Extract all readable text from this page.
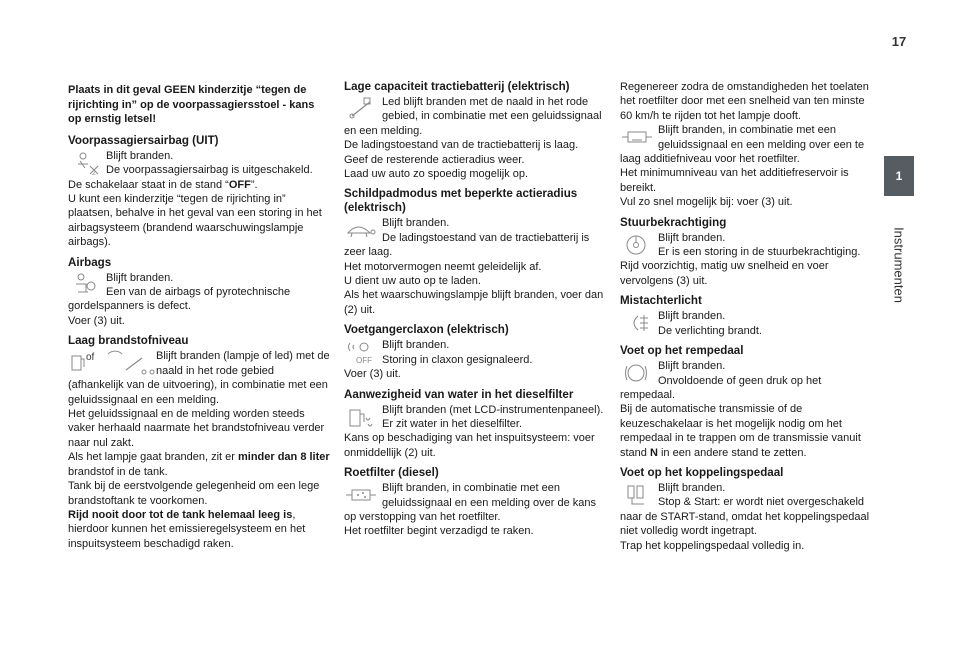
17
1
Instrumenten

Plaats in dit geval GEEN kinderzitje “tegen de rijrichting in” op de voorpassagiersstoel - kans op ernstig letsel!

Voorpassagiersairbag (UIT)
2

Blijft branden.

De voorpassagiersairbag is uitgeschakeld.

De schakelaar staat in de stand “OFF”.

U kunt een kinderzitje “tegen de rijrichting in” plaatsen, behalve in het geval van een storing in het airbagsysteem (brandend waarschuwingslampje airbags).

Airbags

Blijft branden.

Een van de airbags of pyrotechnische gordelspanners is defect.

Voer (3) uit.

Laag brandstofniveau
of	Blijft branden (lampje of led) met de naald in het rode gebied

(afhankelijk van de uitvoering), in combinatie met een geluidssignaal en een melding.

Het geluidssignaal en de melding worden steeds vaker herhaald naarmate het brandstofniveau verder naar nul zakt.

Als het lampje gaat branden, zit er minder dan 8 liter brandstof in de tank.

Tank bij de eerstvolgende gelegenheid om een lege brandstoftank te voorkomen.

Rijd nooit door tot de tank helemaal leeg is, hierdoor kunnen het emissieregelsysteem en het inspuitsysteem beschadigd raken.

Lage capaciteit tractiebatterij (elektrisch)

Led blijft branden met de naald in het rode gebied, in combinatie met een geluidssignaal en een melding.

De ladingstoestand van de tractiebatterij is laag.

Geef de resterende actieradius weer.

Laad uw auto zo spoedig mogelijk op.

Schildpadmodus met beperkte actieradius (elektrisch)

Blijft branden.

De ladingstoestand van de tractiebatterij is zeer laag.

Het motorvermogen neemt geleidelijk af.

U dient uw auto op te laden.

Als het waarschuwingslampje blijft branden, voer dan (2) uit.

Voetgangerclaxon (elektrisch)
OFF

Blijft branden.

Storing in claxon gesignaleerd.

Voer (3) uit.

Aanwezigheid van water in het dieselfilter

Blijft branden (met LCD-instrumentenpaneel).

Er zit water in het dieselfilter.

Kans op beschadiging van het inspuitsysteem: voer onmiddellijk (2) uit.

Roetfilter (diesel)

Blijft branden, in combinatie met een geluidssignaal en een melding over de kans op verstopping van het roetfilter.

Het roetfilter begint verzadigd te raken.

Regenereer zodra de omstandigheden het toelaten het roetfilter door met een snelheid van ten minste 60 km/h te rijden tot het lampje dooft.

Blijft branden, in combinatie met een geluidssignaal en een melding over een te laag additiefniveau voor het roetfilter.

Het minimumniveau van het additiefreservoir is bereikt.

Vul zo snel mogelijk bij: voer (3) uit.

Stuurbekrachtiging

Blijft branden.

Er is een storing in de stuurbekrachtiging.

Rijd voorzichtig, matig uw snelheid en voer vervolgens (3) uit.

Mistachterlicht

Blijft branden.

De verlichting brandt.

Voet op het rempedaal

Blijft branden.

Onvoldoende of geen druk op het rempedaal.

Bij de automatische transmissie of de keuzeschakelaar is het mogelijk nodig om het rempedaal in te trappen om de transmissie vanuit stand N in een andere stand te zetten.

Voet op het koppelingspedaal

Blijft branden.

Stop & Start: er wordt niet overgeschakeld naar de START-stand, omdat het koppelingspedaal niet volledig wordt ingetrapt.

Trap het koppelingspedaal volledig in.
